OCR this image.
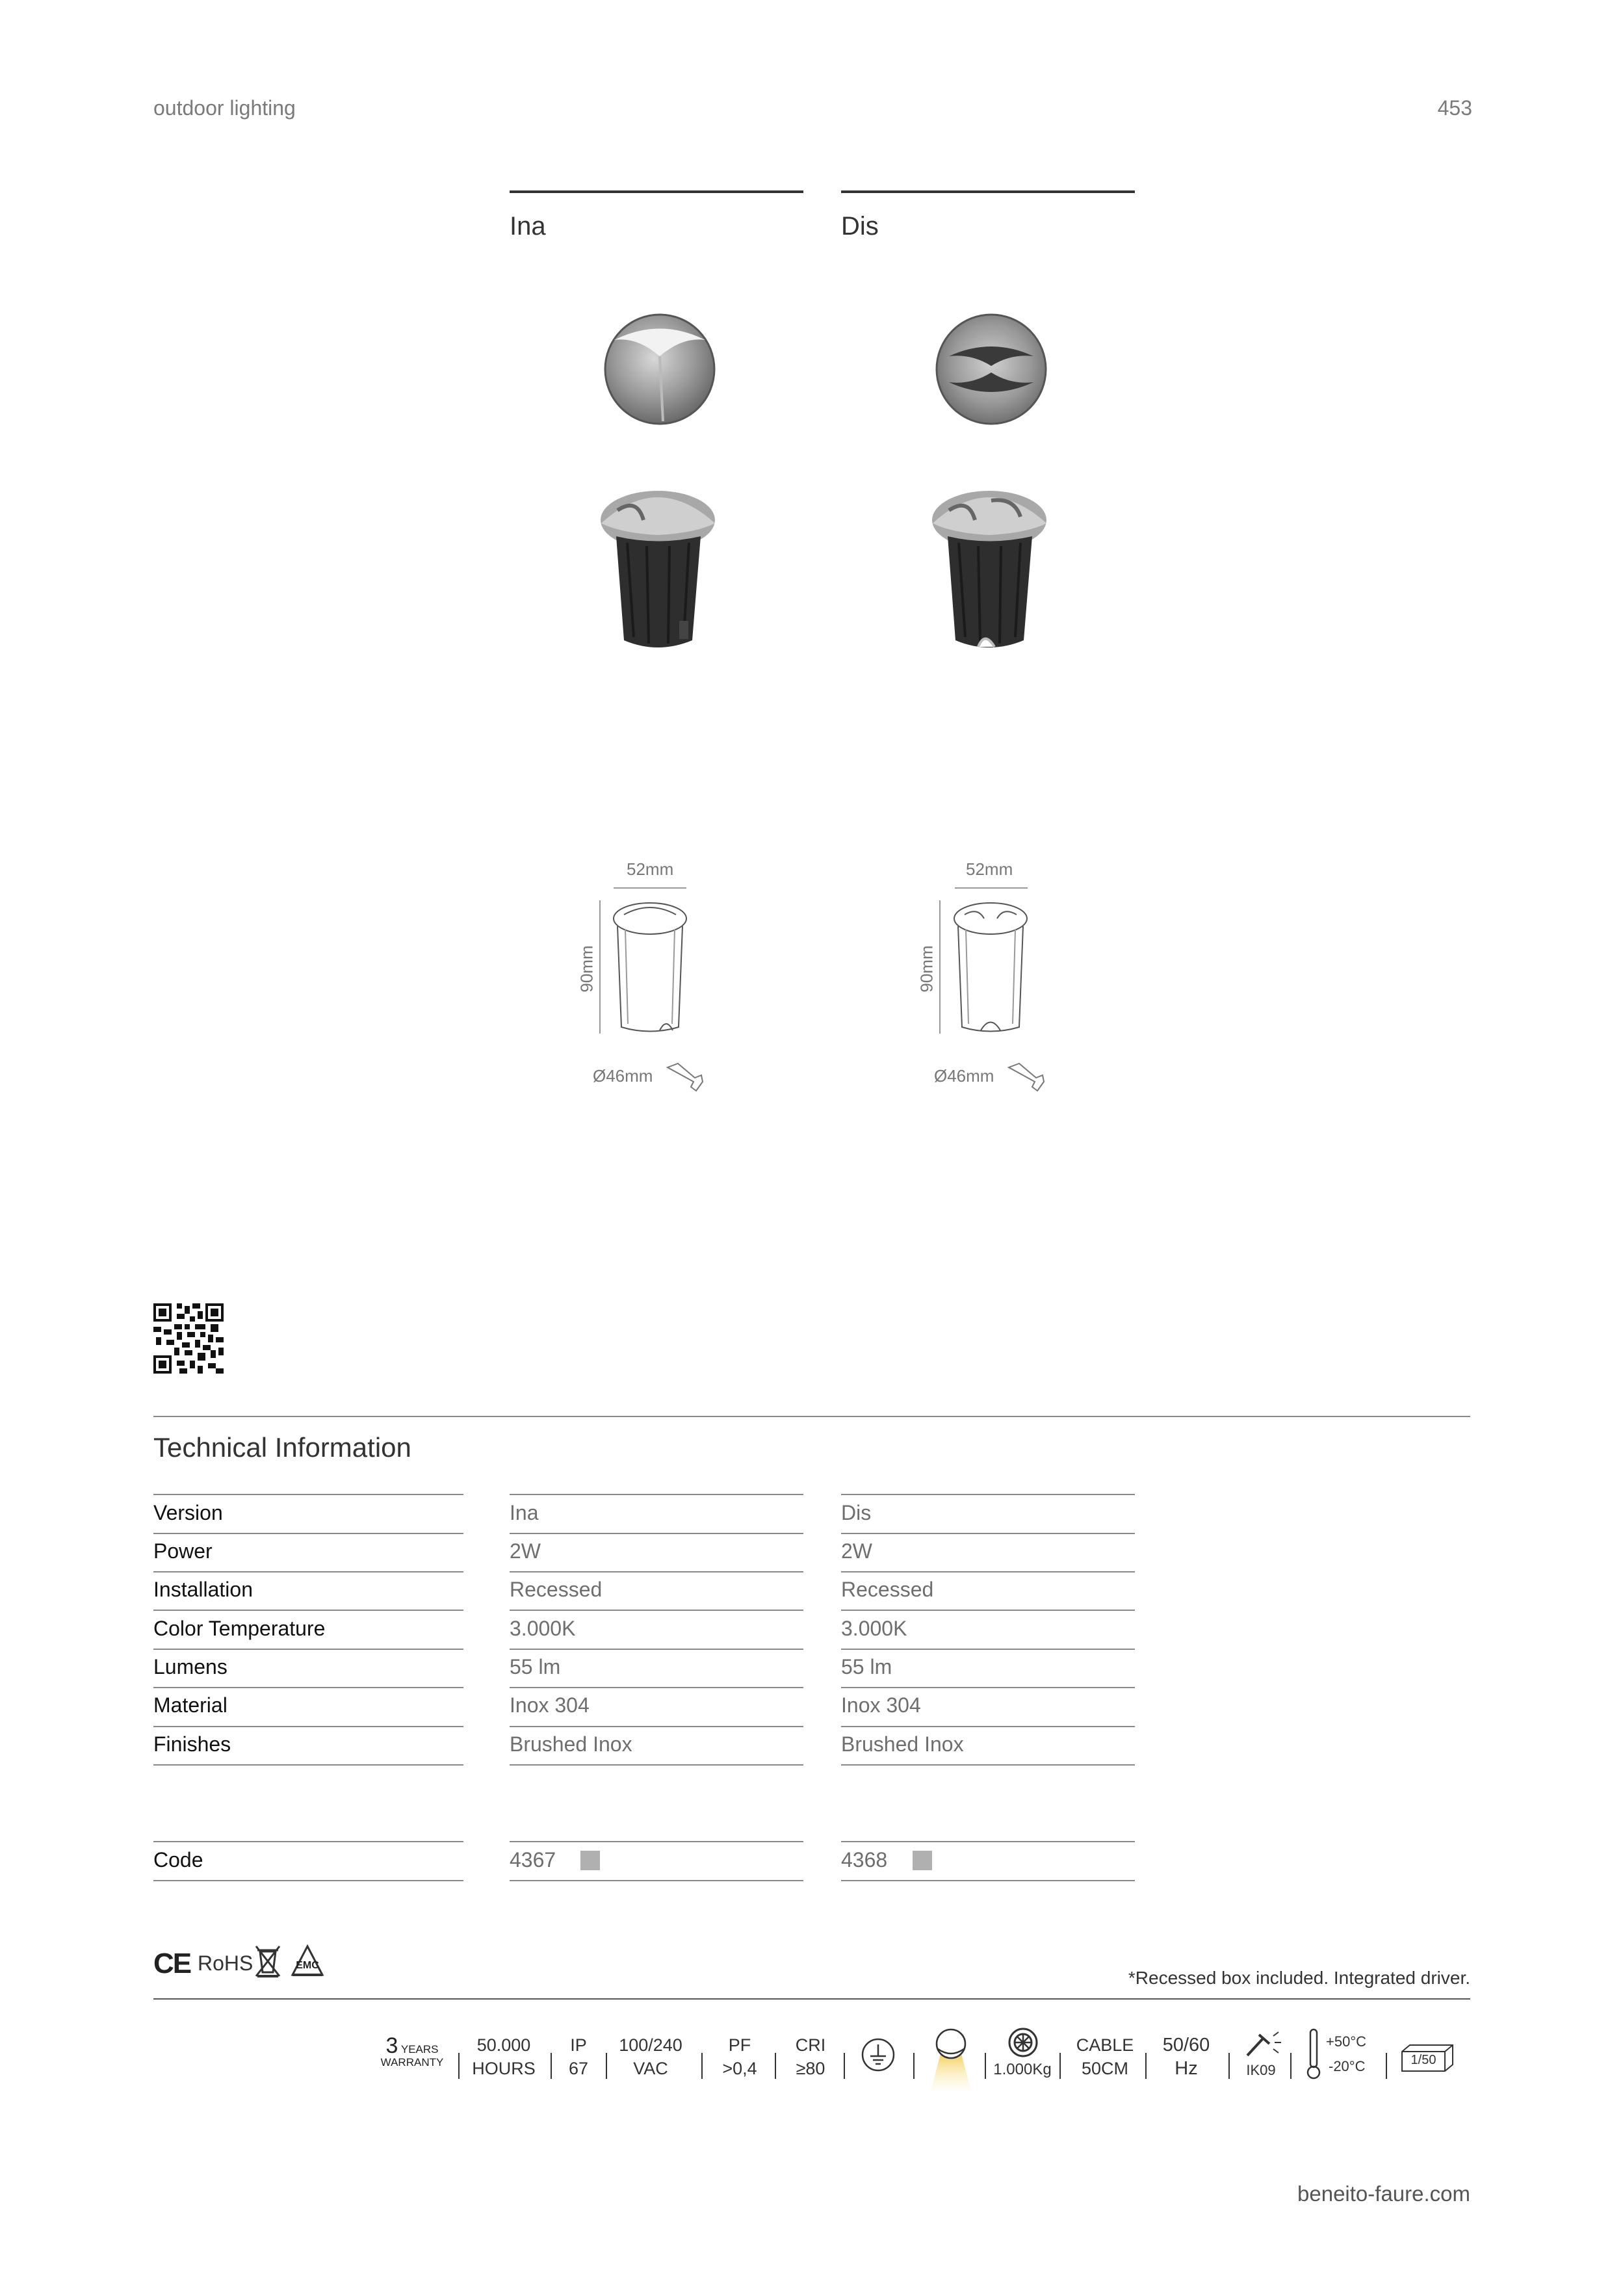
outdoor lighting	453
Ina	Dis
52mm	52mm
90mm	90mm
Ø46mm	Ø46mm
Technical Information
Version	Ina	Dis
Power	2W	2W
Installation	Recessed	Recessed
Color Temperature	3.000K	3.000K
Lumens	55 lm	55 lm
Material	Inox 304	Inox 304
Finishes	Brushed Inox	Brushed Inox
Code	4367	4368
CE RoHS	EMC
*Recessed box included. Integrated driver.
3 YEARS
WARRANTY
50.000
HOURS
IP
67
100/240
VAC
PF
>0,4
CRI
≥80	1.000Kg
CABLE
50CM
50/60
Hz	IK09
+50°C
-20°C	1/50
beneito-faure.com
